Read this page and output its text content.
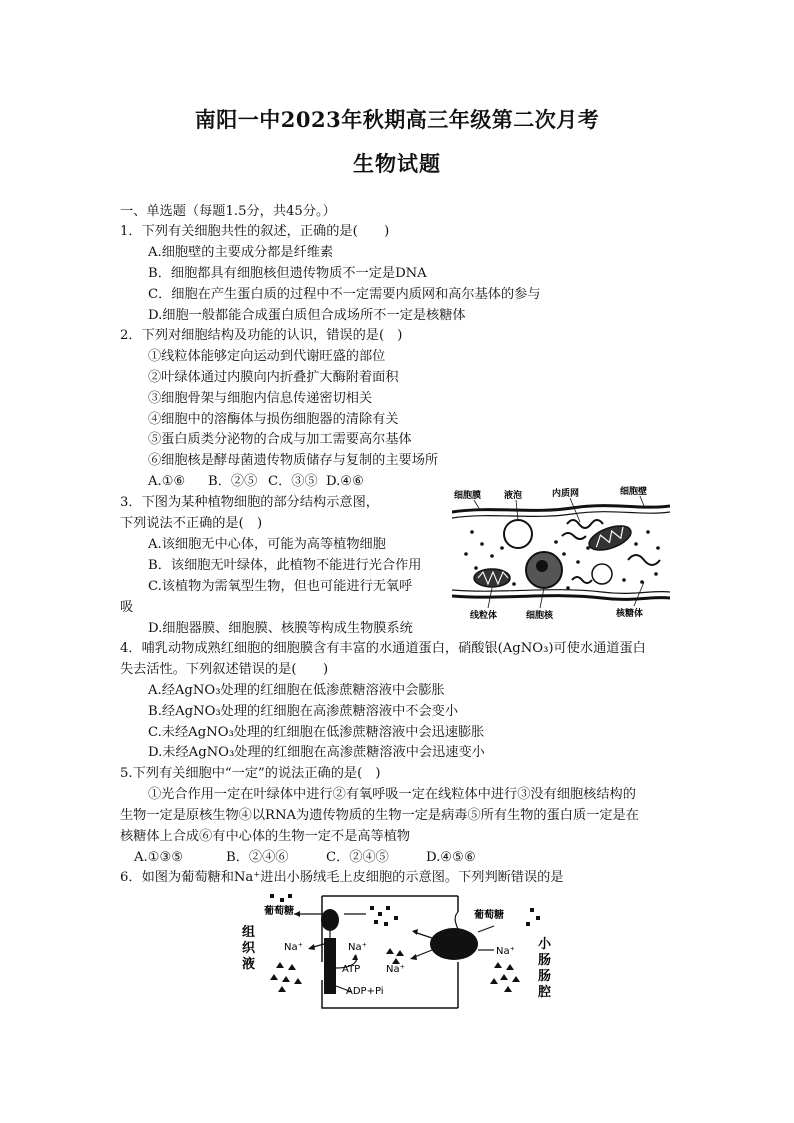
南阳一中2023年秋期高三年级第二次月考
生物试题
一、单选题（每题1.5分，共45分。）
1．下列有关细胞共性的叙述，正确的是(　　)
A.细胞壁的主要成分都是纤维素
B．细胞都具有细胞核但遗传物质不一定是DNA
C．细胞在产生蛋白质的过程中不一定需要内质网和高尔基体的参与
D.细胞一般都能合成蛋白质但合成场所不一定是核糖体
2．下列对细胞结构及功能的认识，错误的是(　)
①线粒体能够定向运动到代谢旺盛的部位
②叶绿体通过内膜向内折叠扩大酶附着面积
③细胞骨架与细胞内信息传递密切相关
④细胞中的溶酶体与损伤细胞器的清除有关
⑤蛋白质类分泌物的合成与加工需要高尔基体
⑥细胞核是酵母菌遗传物质储存与复制的主要场所
A.①⑥ B．②⑤ C．③⑤ D.④⑥
3．下图为某种植物细胞的部分结构示意图，
下列说法不正确的是(　)
A.该细胞无中心体，可能为高等植物细胞
B．该细胞无叶绿体，此植物不能进行光合作用
C.该植物为需氧型生物，但也可能进行无氧呼
吸
D.细胞器膜、细胞膜、核膜等构成生物膜系统
细胞膜	液泡	内质网	细胞壁
线粒体	细胞核	核糖体
4．哺乳动物成熟红细胞的细胞膜含有丰富的水通道蛋白，硝酸银(AgNO₃)可使水通道蛋白
失去活性。下列叙述错误的是(　　)
A.经AgNO₃处理的红细胞在低渗蔗糖溶液中会膨胀
B.经AgNO₃处理的红细胞在高渗蔗糖溶液中不会变小
C.未经AgNO₃处理的红细胞在低渗蔗糖溶液中会迅速膨胀
D.未经AgNO₃处理的红细胞在高渗蔗糖溶液中会迅速变小
5.下列有关细胞中“一定”的说法正确的是(　)
①光合作用一定在叶绿体中进行②有氧呼吸一定在线粒体中进行③没有细胞核结构的
生物一定是原核生物④以RNA为遗传物质的生物一定是病毒⑤所有生物的蛋白质一定是在
核糖体上合成⑥有中心体的生物一定不是高等植物
A.①③⑤	B．②④⑥	C．②④⑤	D.④⑤⑥
6．如图为葡萄糖和Na⁺进出小肠绒毛上皮细胞的示意图。下列判断错误的是
组
织
液
小
肠
肠
腔
葡萄糖	葡萄糖
Na⁺	Na⁺
Na⁺
Na⁺
ATP
ADP+Pi
